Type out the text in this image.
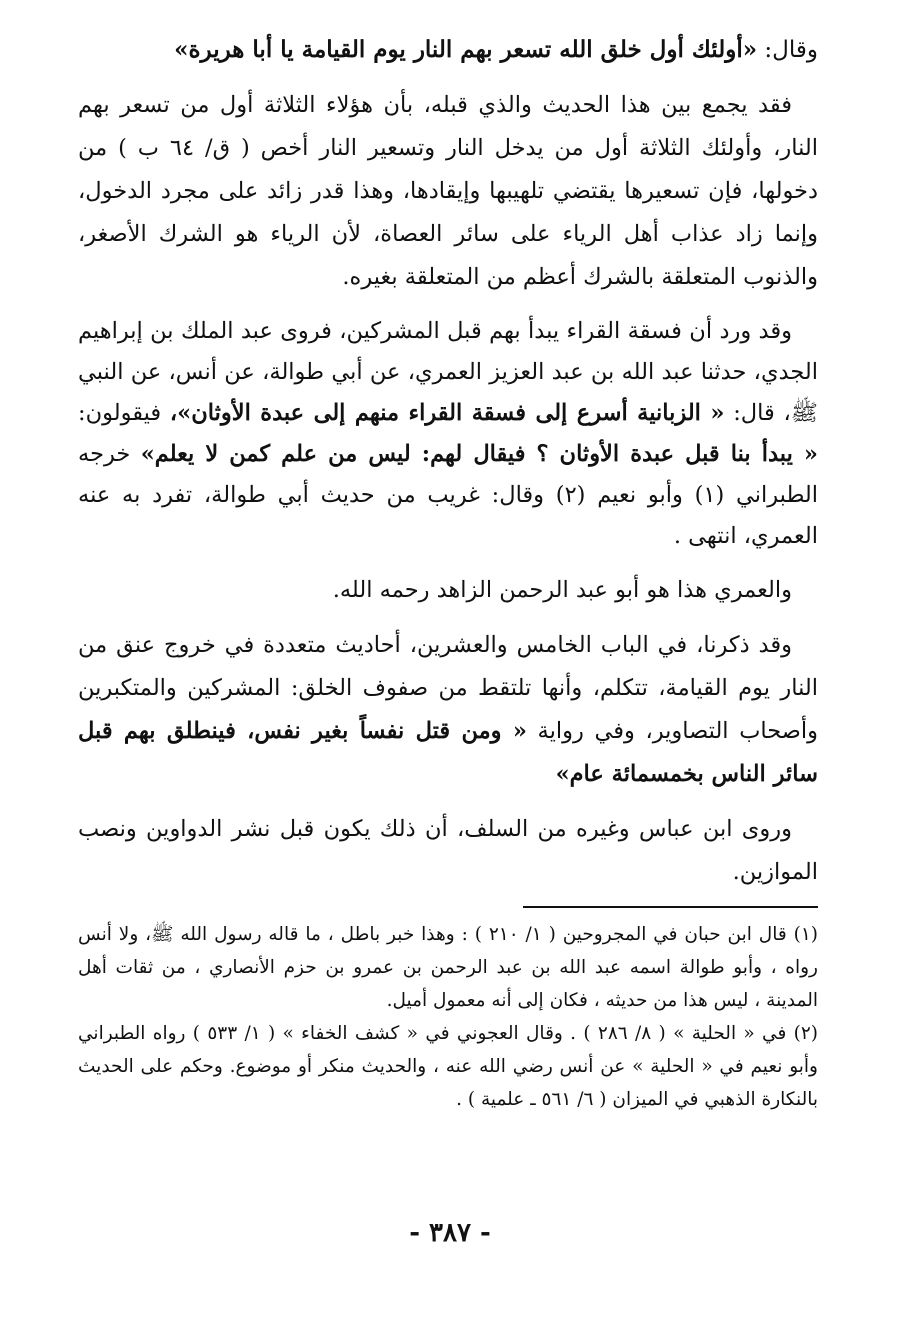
وقال: «أولئك أول خلق الله تسعر بهم النار يوم القيامة يا أبا هريرة»

فقد يجمع بين هذا الحديث والذي قبله، بأن هؤلاء الثلاثة أول من تسعر بهم النار، وأولئك الثلاثة أول من يدخل النار وتسعير النار أخص ( ق/ ٦٤ ب ) من دخولها، فإن تسعيرها يقتضي تلهيبها وإيقادها، وهذا قدر زائد على مجرد الدخول، وإنما زاد عذاب أهل الرياء على سائر العصاة، لأن الرياء هو الشرك الأصغر، والذنوب المتعلقة بالشرك أعظم من المتعلقة بغيره.

وقد ورد أن فسقة القراء يبدأ بهم قبل المشركين، فروى عبد الملك بن إبراهيم الجدي، حدثنا عبد الله بن عبد العزيز العمري، عن أبي طوالة، عن أنس، عن النبي ﷺ، قال: « الزبانية أسرع إلى فسقة القراء منهم إلى عبدة الأوثان»، فيقولون: « يبدأ بنا قبل عبدة الأوثان ؟ فيقال لهم: ليس من علم كمن لا يعلم» خرجه الطبراني (١) وأبو نعيم (٢) وقال: غريب من حديث أبي طوالة، تفرد به عنه العمري، انتهى .

والعمري هذا هو أبو عبد الرحمن الزاهد رحمه الله.

وقد ذكرنا، في الباب الخامس والعشرين، أحاديث متعددة في خروج عنق من النار يوم القيامة، تتكلم، وأنها تلتقط من صفوف الخلق: المشركين والمتكبرين وأصحاب التصاوير، وفي رواية « ومن قتل نفساً بغير نفس، فينطلق بهم قبل سائر الناس بخمسمائة عام»

وروى ابن عباس وغيره من السلف، أن ذلك يكون قبل نشر الدواوين ونصب الموازين.

(١) قال ابن حبان في المجروحين ( ١/ ٢١٠ ) : وهذا خبر باطل ، ما قاله رسول الله ﷺ، ولا أنس رواه ، وأبو طوالة اسمه عبد الله بن عبد الرحمن بن عمرو بن حزم الأنصاري ، من ثقات أهل المدينة ، ليس هذا من حديثه ، فكان إلى أنه معمول أميل.

(٢) في « الحلية » ( ٨/ ٢٨٦ ) . وقال العجوني في « كشف الخفاء » ( ١/ ٥٣٣ ) رواه الطبراني وأبو نعيم في « الحلية » عن أنس رضي الله عنه ، والحديث منكر أو موضوع. وحكم على الحديث بالنكارة الذهبي في الميزان ( ٦/ ٥٦١ ـ علمية ) .

- ٣٨٧ -
